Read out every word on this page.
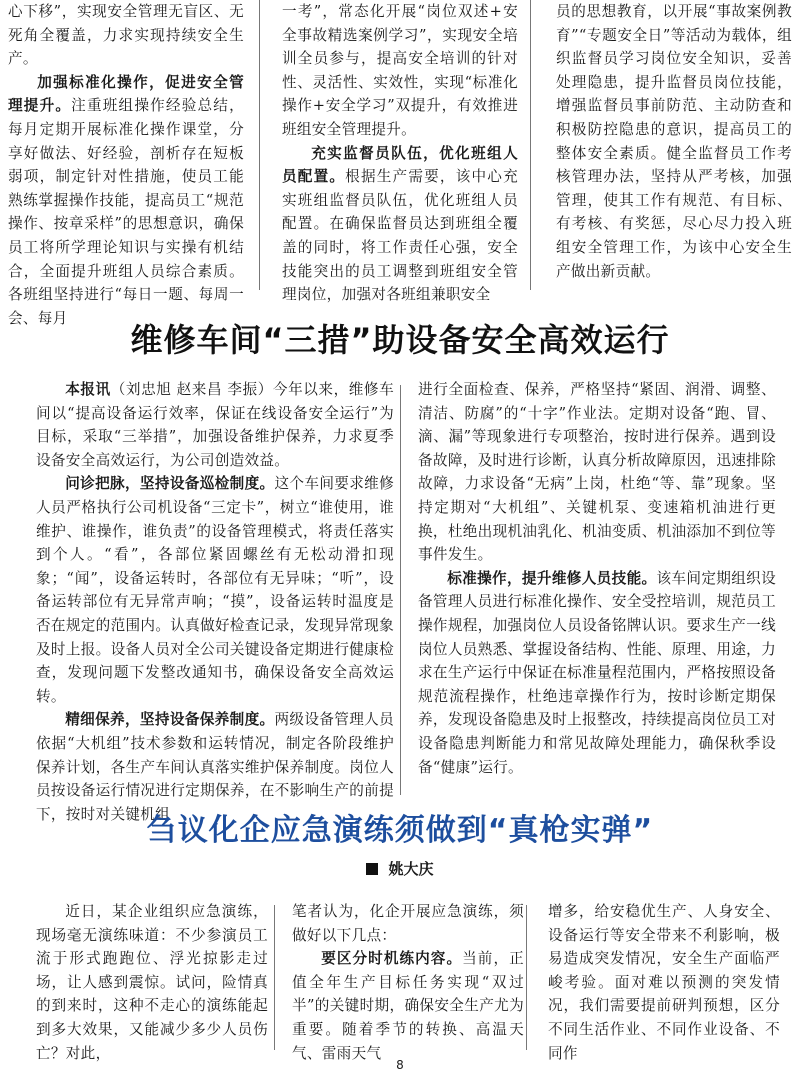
心下移”，实现安全管理无盲区、无死角全覆盖，力求实现持续安全生产。

加强标准化操作，促进安全管理提升。注重班组操作经验总结，每月定期开展标准化操作课堂，分享好做法、好经验，剖析存在短板弱项，制定针对性措施，使员工能熟练掌握操作技能，提高员工“规范操作、按章采样”的思想意识，确保员工将所学理论知识与实操有机结合，全面提升班组人员综合素质。各班组坚持进行“每日一题、每周一会、每月

一考”，常态化开展“岗位双述+安全事故精选案例学习”，实现安全培训全员参与，提高安全培训的针对性、灵活性、实效性，实现“标准化操作+安全学习”双提升，有效推进班组安全管理提升。

充实监督员队伍，优化班组人员配置。根据生产需要，该中心充实班组监督员队伍，优化班组人员配置。在确保监督员达到班组全覆盖的同时，将工作责任心强，安全技能突出的员工调整到班组安全管理岗位，加强对各班组兼职安全

员的思想教育，以开展“事故案例教育”“专题安全日”等活动为载体，组织监督员学习岗位安全知识，妥善处理隐患，提升监督员岗位技能，增强监督员事前防范、主动防查和积极防控隐患的意识，提高员工的整体安全素质。健全监督员工作考核管理办法，坚持从严考核，加强管理，使其工作有规范、有目标、有考核、有奖惩，尽心尽力投入班组安全管理工作，为该中心安全生产做出新贡献。

维修车间“三措”助设备安全高效运行

本报讯（刘忠旭 赵来昌 李振）今年以来，维修车间以“提高设备运行效率，保证在线设备安全运行”为目标，采取“三举措”，加强设备维护保养，力求夏季设备安全高效运行，为公司创造效益。

问诊把脉，坚持设备巡检制度。这个车间要求维修人员严格执行公司机设备“三定卡”，树立“谁使用，谁维护、谁操作，谁负责”的设备管理模式，将责任落实到个人。“看”，各部位紧固螺丝有无松动滑扣现象；“闻”，设备运转时，各部位有无异味；“听”，设备运转部位有无异常声响；“摸”，设备运转时温度是否在规定的范围内。认真做好检查记录，发现异常现象及时上报。设备人员对全公司关键设备定期进行健康检查，发现问题下发整改通知书，确保设备安全高效运转。

精细保养，坚持设备保养制度。两级设备管理人员依据“大机组”技术参数和运转情况，制定各阶段维护保养计划，各生产车间认真落实维护保养制度。岗位人员按设备运行情况进行定期保养，在不影响生产的前提下，按时对关键机组

进行全面检查、保养，严格坚持“紧固、润滑、调整、清洁、防腐”的“十字”作业法。定期对设备“跑、冒、滴、漏”等现象进行专项整治，按时进行保养。遇到设备故障，及时进行诊断，认真分析故障原因，迅速排除故障，力求设备“无病”上岗，杜绝“等、靠”现象。坚持定期对“大机组”、关键机泵、变速箱机油进行更换，杜绝出现机油乳化、机油变质、机油添加不到位等事件发生。

标准操作，提升维修人员技能。该车间定期组织设备管理人员进行标准化操作、安全受控培训，规范员工操作规程，加强岗位人员设备铭牌认识。要求生产一线岗位人员熟悉、掌握设备结构、性能、原理、用途，力求在生产运行中保证在标准量程范围内，严格按照设备规范流程操作，杜绝违章操作行为，按时诊断定期保养，发现设备隐患及时上报整改，持续提高岗位员工对设备隐患判断能力和常见故障处理能力，确保秋季设备“健康”运行。

刍议化企应急演练须做到“真枪实弹”
姚大庆

近日，某企业组织应急演练，现场毫无演练味道：不少参演员工流于形式跑跑位、浮光掠影走过场，让人感到震惊。试问，险情真的到来时，这种不走心的演练能起到多大效果，又能减少多少人员伤亡？对此，

笔者认为，化企开展应急演练，须做好以下几点：

要区分时机练内容。当前，正值全年生产目标任务实现“双过半”的关键时期，确保安全生产尤为重要。随着季节的转换、高温天气、雷雨天气

增多，给安稳优生产、人身安全、设备运行等安全带来不利影响，极易造成突发情况，安全生产面临严峻考验。面对难以预测的突发情况，我们需要提前研判预想，区分不同生活作业、不同作业设备、不同作

8
